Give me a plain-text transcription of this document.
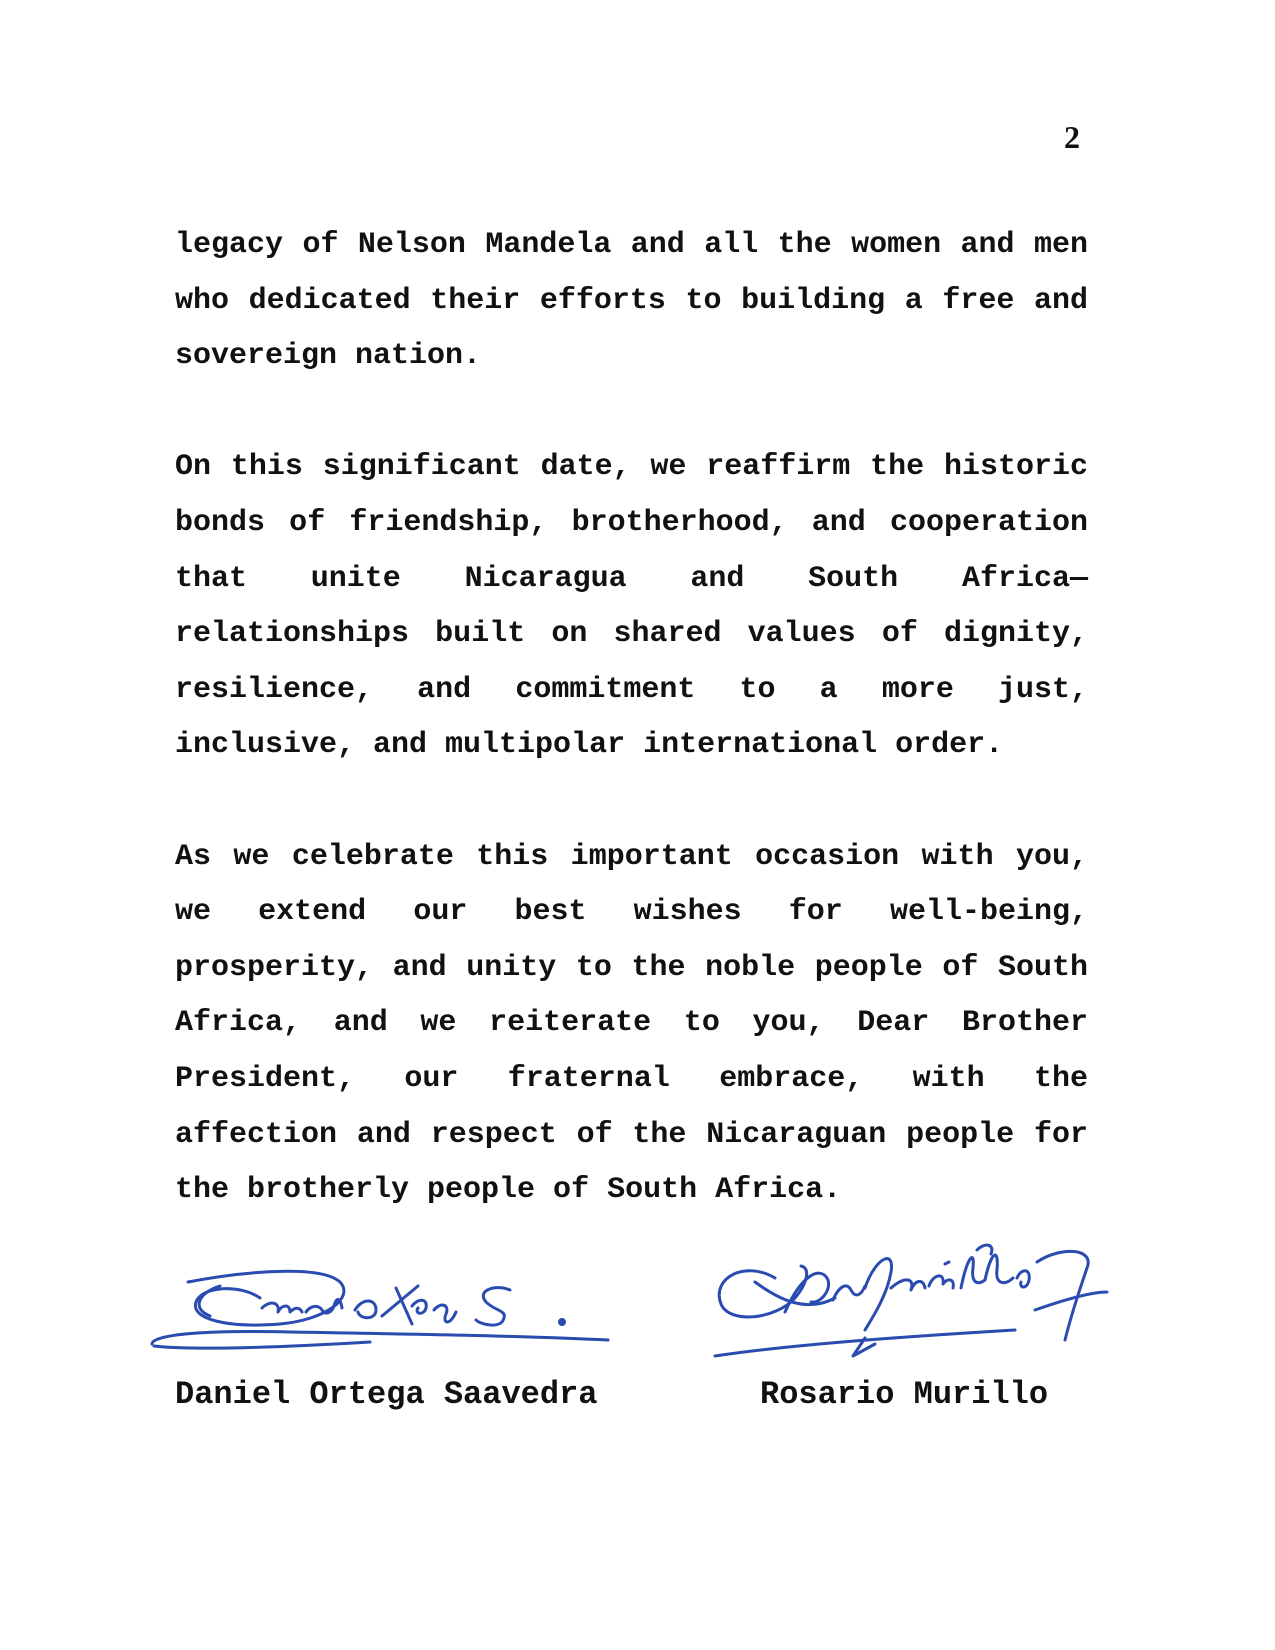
2

legacy of Nelson Mandela and all the women and men who dedicated their efforts to building a free and sovereign nation.

On this significant date, we reaffirm the historic bonds of friendship, brotherhood, and cooperation that unite Nicaragua and South Africa—relationships built on shared values of dignity, resilience, and commitment to a more just, inclusive, and multipolar international order.

As we celebrate this important occasion with you, we extend our best wishes for well-being, prosperity, and unity to the noble people of South Africa, and we reiterate to you, Dear Brother President, our fraternal embrace, with the affection and respect of the Nicaraguan people for the brotherly people of South Africa.

Daniel Ortega Saavedra	Rosario Murillo
